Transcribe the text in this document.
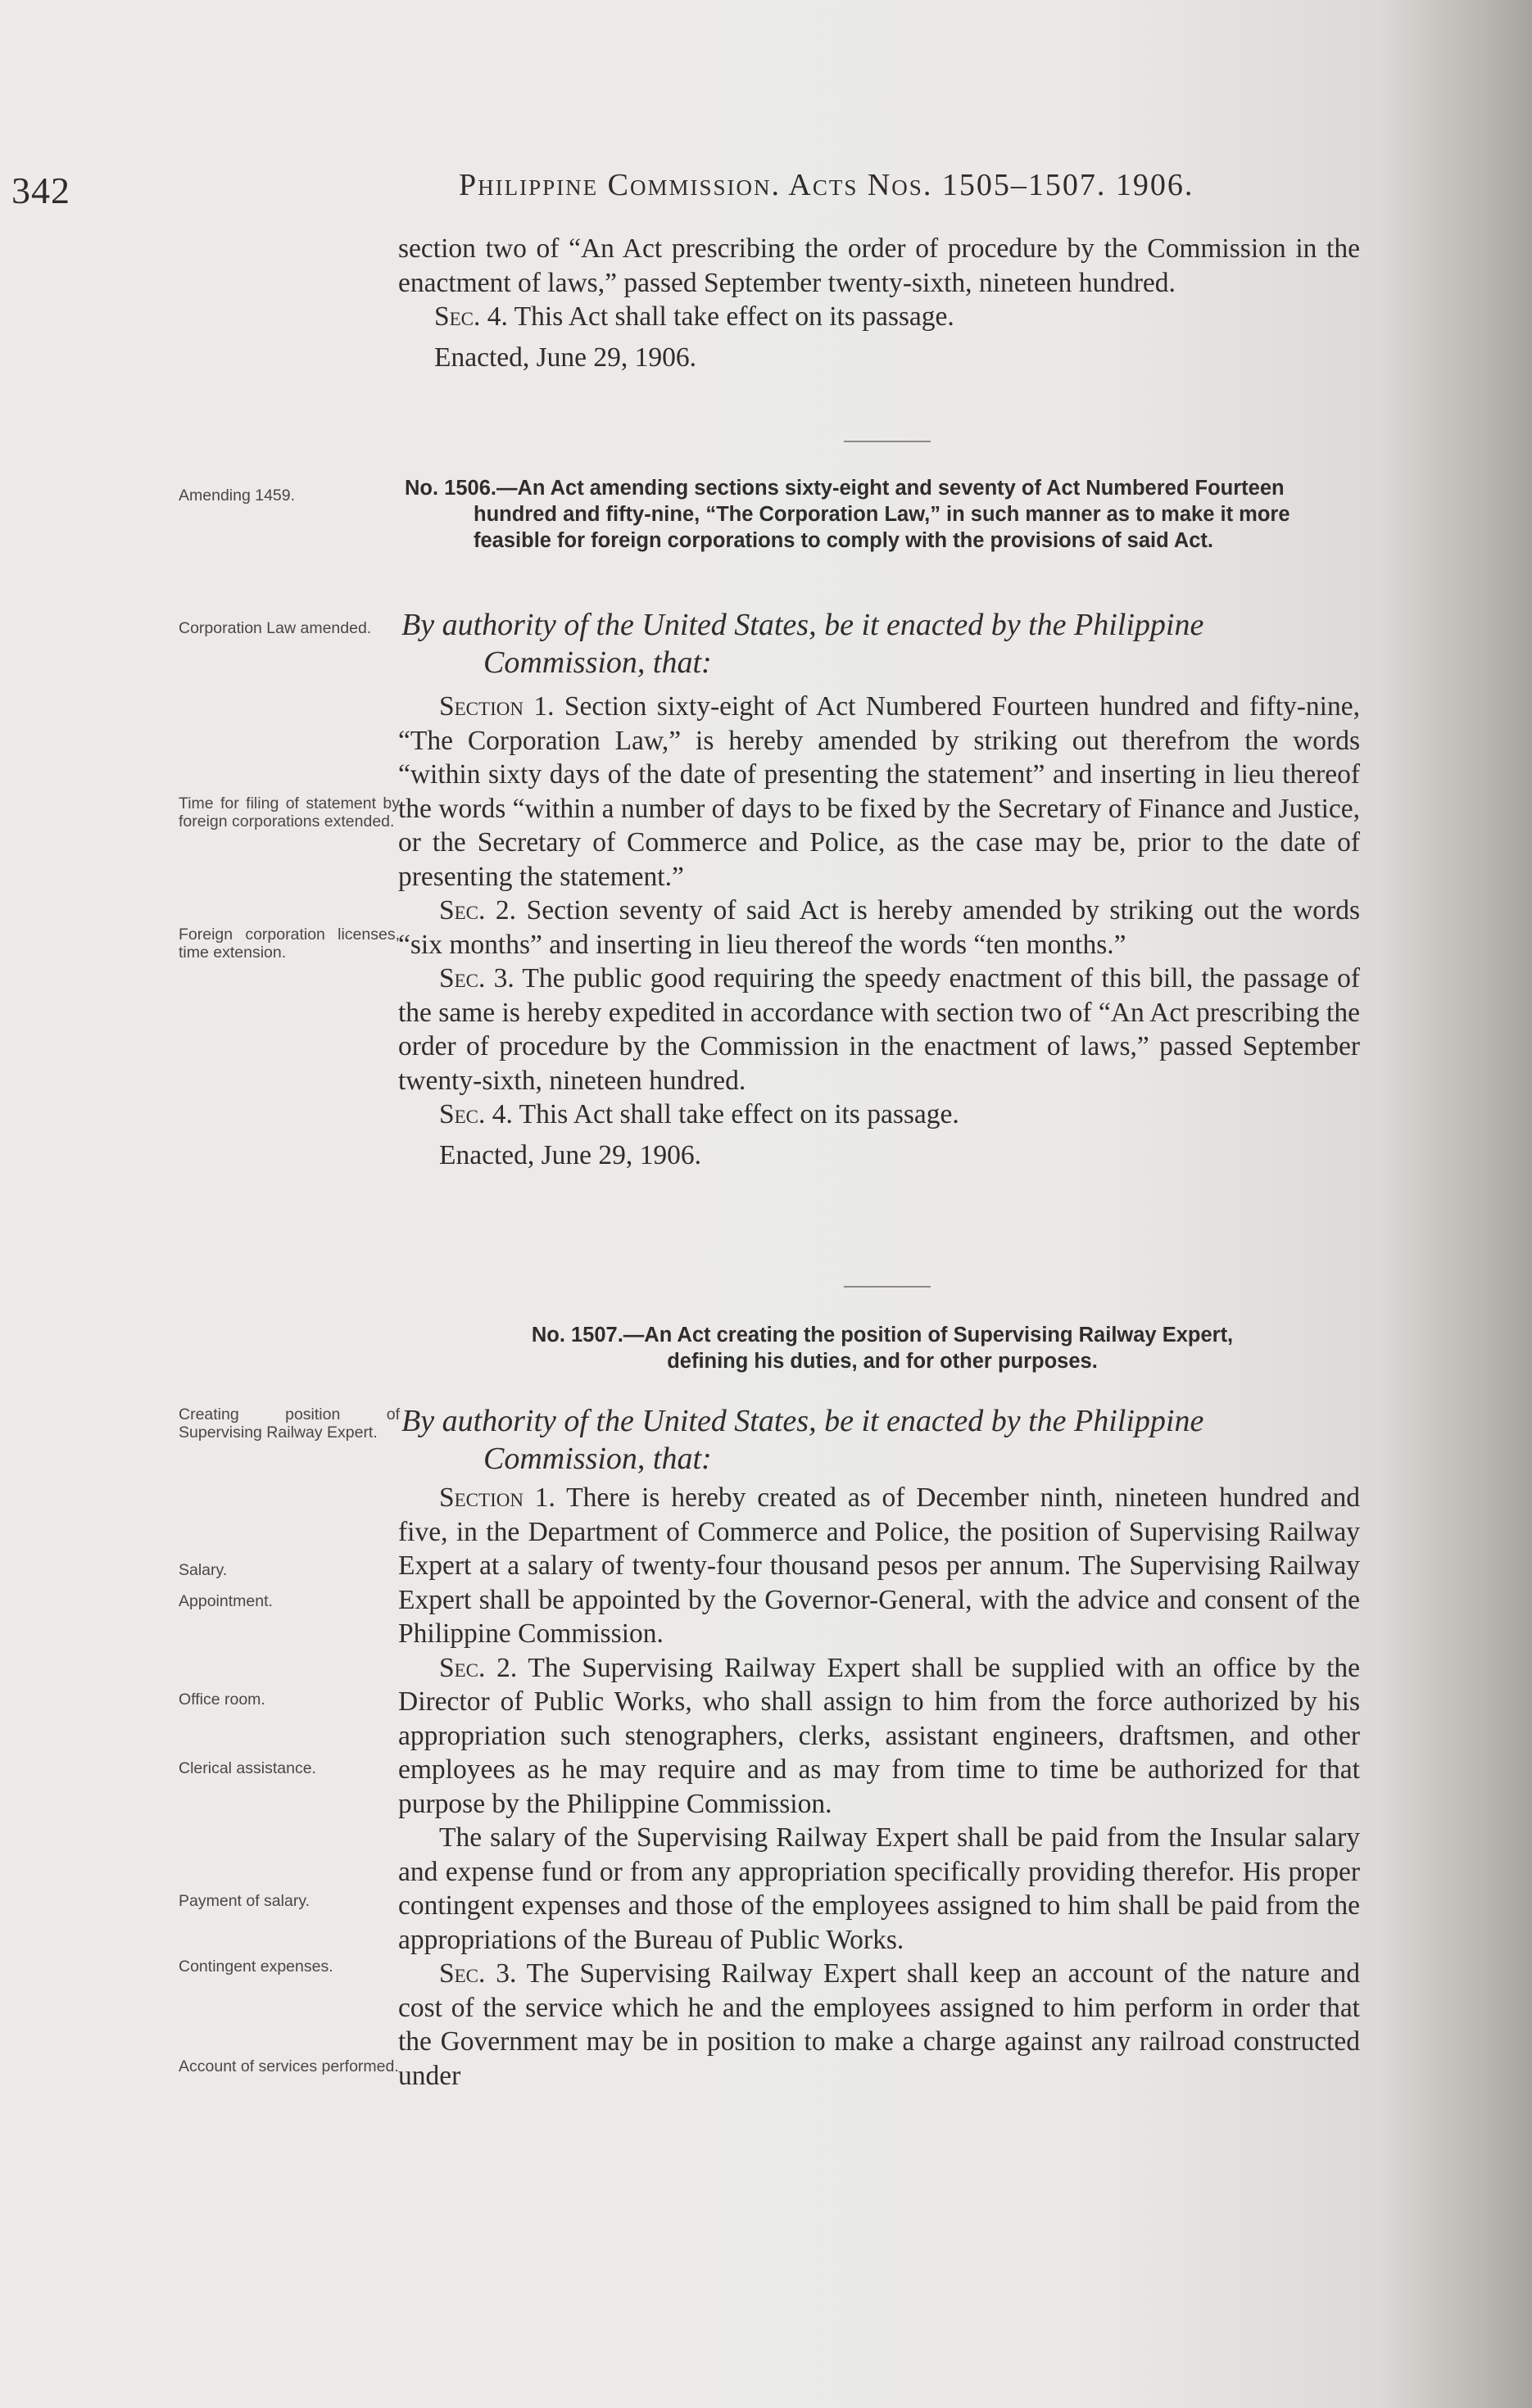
342	Philippine Commission. Acts Nos. 1505–1507. 1906.

section two of “An Act prescribing the order of procedure by the Commission in the enactment of laws,” passed September twenty-sixth, nineteen hundred.

Sec. 4. This Act shall take effect on its passage.

Enacted, June 29, 1906.

Amending 1459.	No. 1506.—An Act amending sections sixty-eight and seventy of Act Numbered Fourteen hundred and fifty-nine, “The Corporation Law,” in such manner as to make it more feasible for foreign corporations to comply with the provisions of said Act.
Corporation Law amended. By authority of the United States, be it enacted by the Philippine
Commission, that:
Time for filing of statement by foreign corporations extended.
Foreign corporation licenses, time extension.

Section 1. Section sixty-eight of Act Numbered Fourteen hundred and fifty-nine, “The Corporation Law,” is hereby amended by striking out therefrom the words “within sixty days of the date of presenting the statement” and inserting in lieu thereof the words “within a number of days to be fixed by the Secretary of Finance and Justice, or the Secretary of Commerce and Police, as the case may be, prior to the date of presenting the statement.”

Sec. 2. Section seventy of said Act is hereby amended by striking out the words “six months” and inserting in lieu thereof the words “ten months.”

Sec. 3. The public good requiring the speedy enactment of this bill, the passage of the same is hereby expedited in accordance with section two of “An Act prescribing the order of procedure by the Commission in the enactment of laws,” passed September twenty-sixth, nineteen hundred.

Sec. 4. This Act shall take effect on its passage.

Enacted, June 29, 1906.

No. 1507.—An Act creating the position of Supervising Railway Expert,
defining his duties, and for other purposes.
Creating position of Supervising Railway Expert. By authority of the United States, be it enacted by the Philippine
Commission, that:
Salary.
Appointment.
Office room.
Clerical assistance.
Payment of salary.
Contingent expenses.
Account of services performed.

Section 1. There is hereby created as of December ninth, nineteen hundred and five, in the Department of Commerce and Police, the position of Supervising Railway Expert at a salary of twenty-four thousand pesos per annum. The Supervising Railway Expert shall be appointed by the Governor-General, with the advice and consent of the Philippine Commission.

Sec. 2. The Supervising Railway Expert shall be supplied with an office by the Director of Public Works, who shall assign to him from the force authorized by his appropriation such stenographers, clerks, assistant engineers, draftsmen, and other employees as he may require and as may from time to time be authorized for that purpose by the Philippine Commission.

The salary of the Supervising Railway Expert shall be paid from the Insular salary and expense fund or from any appropriation specifically providing therefor. His proper contingent expenses and those of the employees assigned to him shall be paid from the appropriations of the Bureau of Public Works.

Sec. 3. The Supervising Railway Expert shall keep an account of the nature and cost of the service which he and the employees assigned to him perform in order that the Government may be in position to make a charge against any railroad constructed under
